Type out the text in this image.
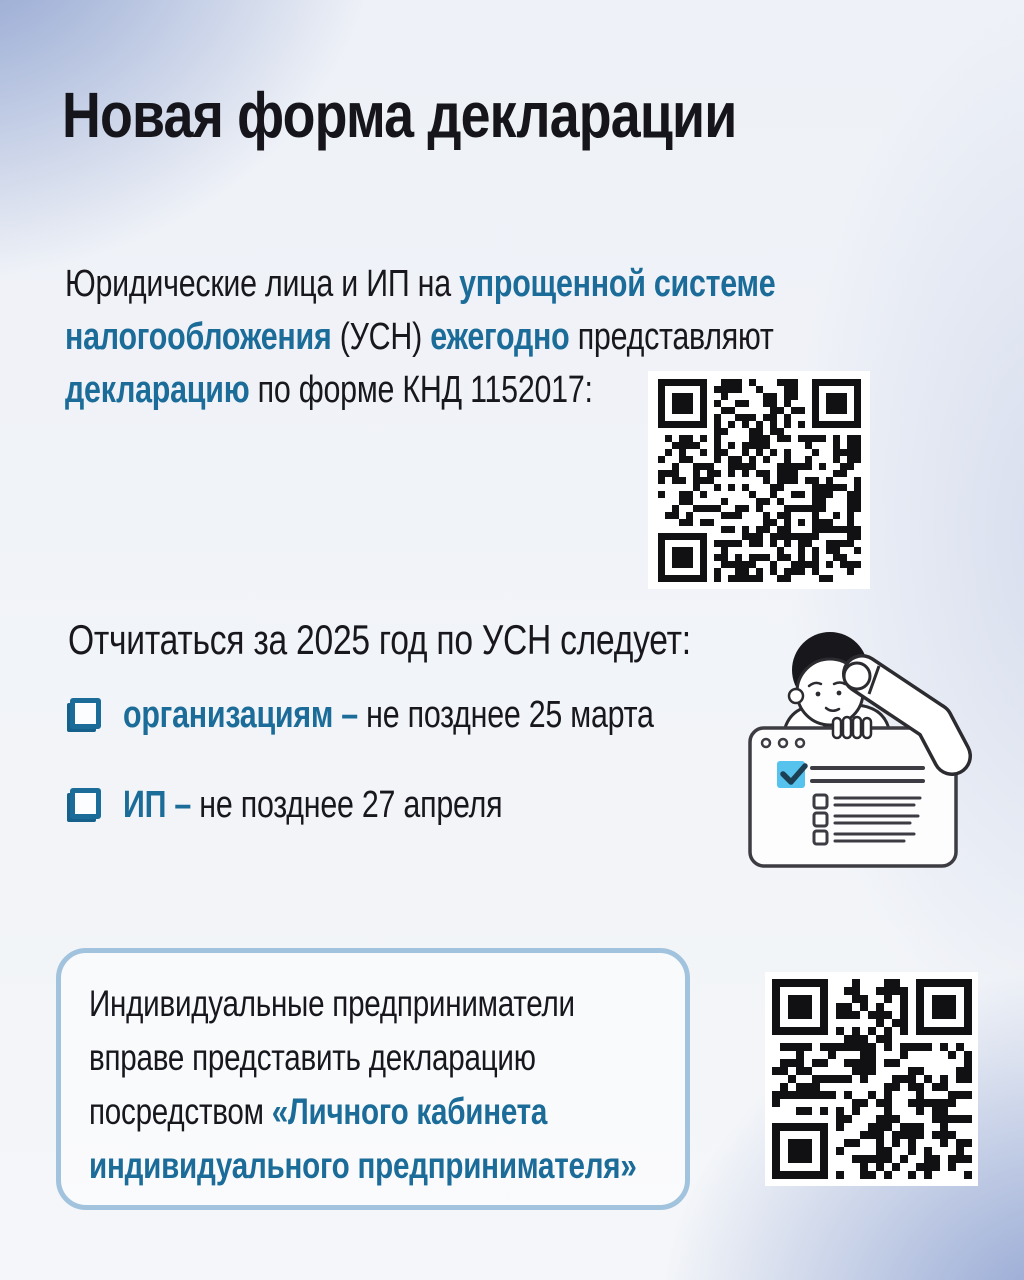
Новая форма декларации
Юридические лица и ИП на упрощенной системе
налогообложения (УСН) ежегодно представляют
декларацию по форме КНД 1152017:
Отчитаться за 2025 год по УСН следует:
организациям – не позднее 25 марта
ИП – не позднее 27 апреля
Индивидуальные предприниматели
вправе представить декларацию
посредством «Личного кабинета
индивидуального предпринимателя»
